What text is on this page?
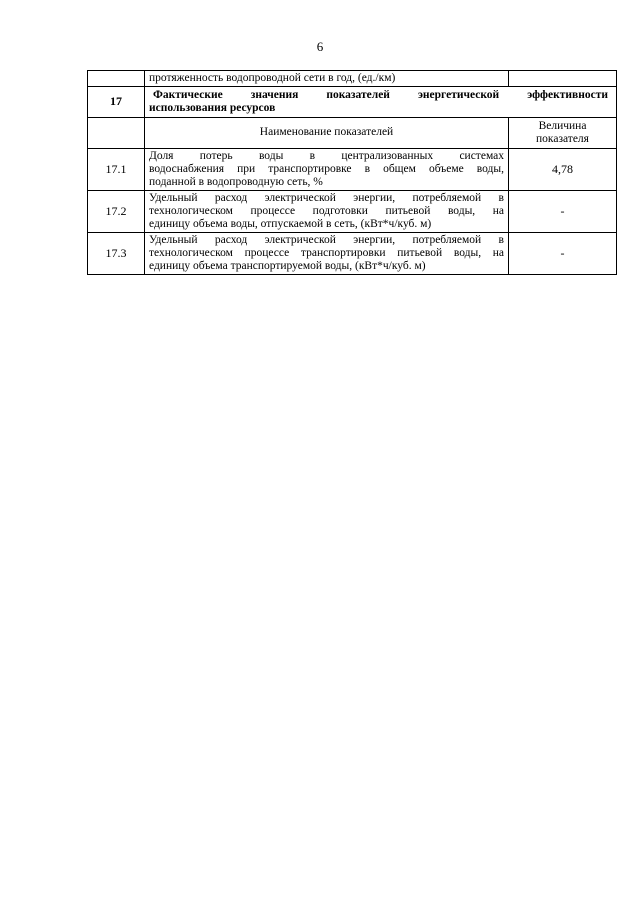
6
	протяженность водопроводной сети в год, (ед./км)	
17	Фактические значения показателей энергетической эффективности
использования ресурсов	

	Наименование показателей	Величина
показателя

17.1	Доля потерь воды в централизованных системах
водоснабжения при транспортировке в общем объеме воды,
поданной в водопроводную сеть, %	4,78
17.2	Удельный расход электрической энергии, потребляемой в
технологическом процессе подготовки питьевой воды, на
единицу объема воды, отпускаемой в сеть, (кВт*ч/куб. м)	-
17.3	Удельный расход электрической энергии, потребляемой в
технологическом процессе транспортировки питьевой воды, на
единицу объема транспортируемой воды, (кВт*ч/куб. м)	-
